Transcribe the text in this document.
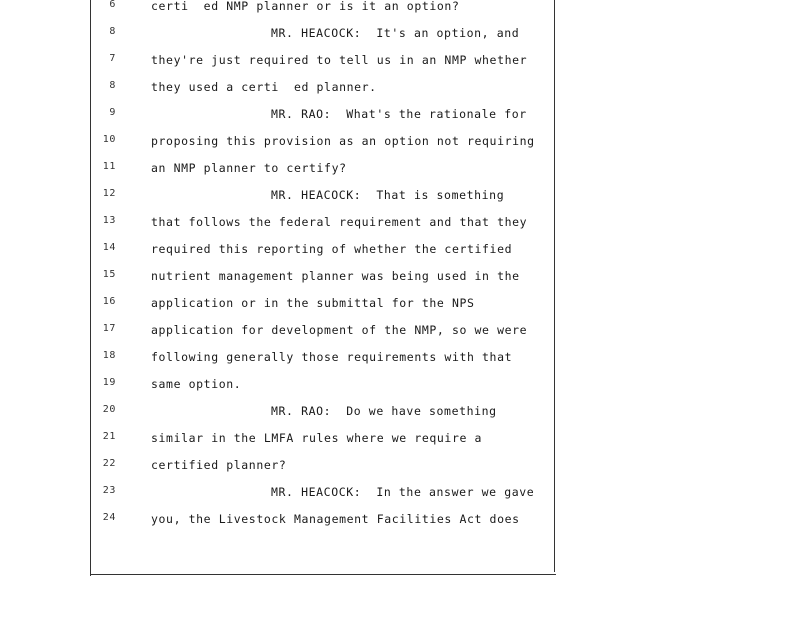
6	certi  ed NMP planner or is it an option?
8	MR. HEACOCK:  It's an option, and
7	they're just required to tell us in an NMP whether
8	they used a certi  ed planner.
9	MR. RAO:  What's the rationale for
10	proposing this provision as an option not requiring
11	an NMP planner to certify?
12	MR. HEACOCK:  That is something
13	that follows the federal requirement and that they
14	required this reporting of whether the certified
15	nutrient management planner was being used in the
16	application or in the submittal for the NPS
17	application for development of the NMP, so we were
18	following generally those requirements with that
19	same option.
20	MR. RAO:  Do we have something
21	similar in the LMFA rules where we require a
22	certified planner?
23	MR. HEACOCK:  In the answer we gave
24	you, the Livestock Management Facilities Act does
